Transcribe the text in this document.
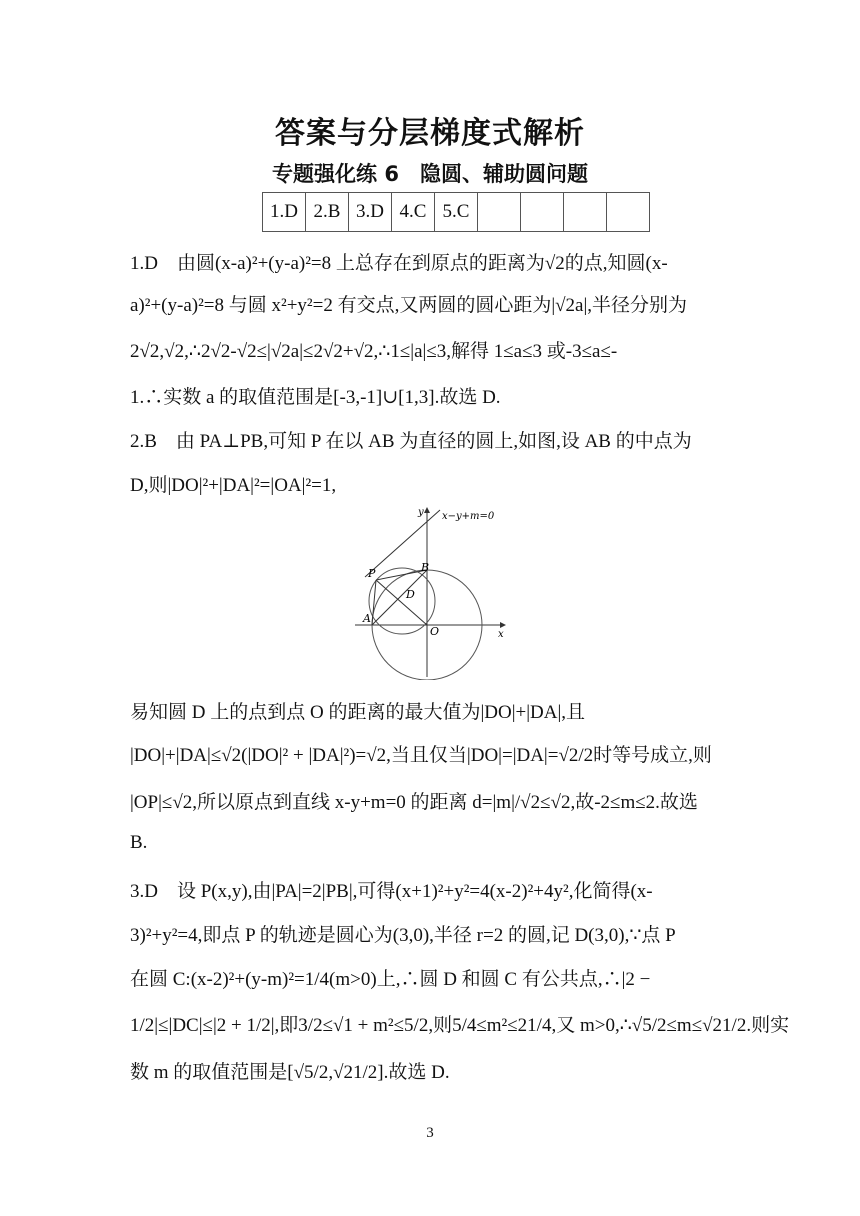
答案与分层梯度式解析
专题强化练 6　隐圆、辅助圆问题
1.D	2.B	3.D	4.C	5.C				
1.D　由圆(x-a)²+(y-a)²=8 上总存在到原点的距离为√2的点,知圆(x-
a)²+(y-a)²=8 与圆 x²+y²=2 有交点,又两圆的圆心距为|√2a|,半径分别为
2√2,√2,∴2√2-√2≤|√2a|≤2√2+√2,∴1≤|a|≤3,解得 1≤a≤3 或-3≤a≤-
1.∴实数 a 的取值范围是[-3,-1]∪[1,3].故选 D.
2.B　由 PA⊥PB,可知 P 在以 AB 为直径的圆上,如图,设 AB 的中点为
D,则|DO|²+|DA|²=|OA|²=1,
x−y+m=0
y
x
P	B
D
A
O
易知圆 D 上的点到点 O 的距离的最大值为|DO|+|DA|,且
|DO|+|DA|≤√2(|DO|² + |DA|²)=√2,当且仅当|DO|=|DA|=√2/2时等号成立,则
|OP|≤√2,所以原点到直线 x-y+m=0 的距离 d=|m|/√2≤√2,故-2≤m≤2.故选
B.
3.D　设 P(x,y),由|PA|=2|PB|,可得(x+1)²+y²=4(x-2)²+4y²,化简得(x-
3)²+y²=4,即点 P 的轨迹是圆心为(3,0),半径 r=2 的圆,记 D(3,0),∵点 P
在圆 C:(x-2)²+(y-m)²=1/4(m>0)上,∴圆 D 和圆 C 有公共点,∴|2 −
1/2|≤|DC|≤|2 + 1/2|,即3/2≤√1 + m²≤5/2,则5/4≤m²≤21/4,又 m>0,∴√5/2≤m≤√21/2.则实
数 m 的取值范围是[√5/2,√21/2].故选 D.
3
